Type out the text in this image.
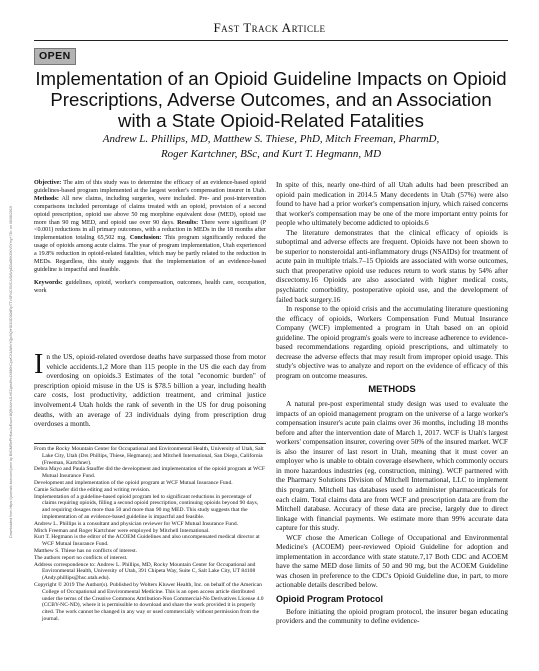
Fast Track Article
OPEN
Implementation of an Opioid Guideline Impacts on Opioid Prescriptions, Adverse Outcomes, and an Association with a State Opioid-Related Fatalities
Andrew L. Phillips, MD, Matthew S. Thiese, PhD, Mitch Freeman, PharmD,
Roger Kartchner, BSc, and Kurt T. Hegmann, MD
Downloaded from https://journals.lww.com/joem by BhDMf5ePHKav1zEoum1tQfN4a+kJLhEZgbsIHo4XMi0hCywCX1AWnYQp/IlQrHD3i3D0OdRyi7TvSFl4Cf3VC4/OAVpDDa8KKGKV0Ymy+78= on 08/08/2019

Objective: The aim of this study was to determine the efficacy of an evidence-based opioid guidelines-based program implemented at the largest worker's compensation insurer in Utah. Methods: All new claims, including surgeries, were included. Pre- and post-intervention comparisons included percentage of claims treated with an opioid, provision of a second opioid prescription, opioid use above 50 mg morphine equivalent dose (MED), opioid use more than 90 mg MED, and opioid use over 90 days. Results: There were significant (P <0.001) reductions in all primary outcomes, with a reduction in MEDs in the 18 months after implementation totaling 65,502 mg. Conclusion: This program significantly reduced the usage of opioids among acute claims. The year of program implementation, Utah experienced a 19.8% reduction in opioid-related fatalities, which may be partly related to the reduction in MEDs. Regardless, this study suggests that the implementation of an evidence-based guideline is impactful and feasible.

Keywords: guidelines, opioid, worker's compensation, outcomes, health care, occupation, work

I n the US, opioid-related overdose deaths have surpassed those from motor vehicle accidents.1,2 More than 115 people in the US die each day from overdosing on opioids.3 Estimates of the total "economic burden" of prescription opioid misuse in the US is $78.5 billion a year, including health care costs, lost productivity, addiction treatment, and criminal justice involvement.4 Utah holds the rank of seventh in the US for drug poisoning deaths, with an average of 23 individuals dying from prescription drug overdoses a month.

From the Rocky Mountain Center for Occupational and Environmental Health, University of Utah, Salt Lake City, Utah (Drs Phillips, Thiese, Hegmann); and Mitchell International, San Diego, California (Freeman, Kartchner).

Debra Mayo and Paula Stauffer did the development and implementation of the opioid program at WCF Mutual Insurance Fund.

Development and implementation of the opioid program at WCF Mutual Insurance Fund.

Camie Schaefer did the editing and writing revision.

Implementation of a guideline-based opioid program led to significant reductions in percentage of claims requiring opioids, filling a second opioid prescription, continuing opioids beyond 90 days, and requiring dosages more than 50 and more than 90 mg MED. This study suggests that the implementation of an evidence-based guideline is impactful and feasible.

Andrew L. Phillips is a consultant and physician reviewer for WCF Mutual Insurance Fund.

Mitch Freeman and Roger Kartchner were employed by Mitchell International.

Kurt T. Hegmann is the editor of the ACOEM Guidelines and also uncompensated medical director at WCF Mutual Insurance Fund.

Matthew S. Thiese has no conflicts of interest.

The authors report no conflicts of interest.

Address correspondence to: Andrew L. Phillips, MD, Rocky Mountain Center for Occupational and Environmental Health, University of Utah, 391 Chipeta Way, Suite C, Salt Lake City, UT 84108 (Andy.phillips@hsc.utah.edu).

Copyright © 2019 The Author(s). Published by Wolters Kluwer Health, Inc. on behalf of the American College of Occupational and Environmental Medicine. This is an open access article distributed under the terms of the Creative Commons Attribution-Non Commercial-No Derivatives License 4.0 (CCBY-NC-ND), where it is permissible to download and share the work provided it is properly cited. The work cannot be changed in any way or used commercially without permission from the journal.

In spite of this, nearly one-third of all Utah adults had been prescribed an opioid pain medication in 2014.5 Many decedents in Utah (57%) were also found to have had a prior worker's compensation injury, which raised concerns that worker's compensation may be one of the more important entry points for people who ultimately become addicted to opioids.6

The literature demonstrates that the clinical efficacy of opioids is suboptimal and adverse effects are frequent. Opioids have not been shown to be superior to nonsteroidal anti-inflammatory drugs (NSAIDs) for treatment of acute pain in multiple trials.7–15 Opioids are associated with worse outcomes, such that preoperative opioid use reduces return to work status by 54% after discectomy.16 Opioids are also associated with higher medical costs, psychiatric comorbidity, postoperative opioid use, and the development of failed back surgery.16

In response to the opioid crisis and the accumulating literature questioning the efficacy of opioids, Workers Compensation Fund Mutual Insurance Company (WCF) implemented a program in Utah based on an opioid guideline. The opioid program's goals were to increase adherence to evidence-based recommendations regarding opioid prescriptions, and ultimately to decrease the adverse effects that may result from improper opioid usage. This study's objective was to analyze and report on the evidence of efficacy of this program on outcome measures.

METHODS

A natural pre-post experimental study design was used to evaluate the impacts of an opioid management program on the universe of a large worker's compensation insurer's acute pain claims over 36 months, including 18 months before and after the intervention date of March 1, 2017. WCF is Utah's largest workers' compensation insurer, covering over 50% of the insured market. WCF is also the insurer of last resort in Utah, meaning that it must cover an employer who is unable to obtain coverage elsewhere, which commonly occurs in more hazardous industries (eg, construction, mining). WCF partnered with the Pharmacy Solutions Division of Mitchell International, LLC to implement this program. Mitchell has databases used to administer pharmaceuticals for each claim. Total claims data are from WCF and prescription data are from the Mitchell database. Accuracy of these data are precise, largely due to direct linkage with financial payments. We estimate more than 99% accurate data capture for this study.

WCF chose the American College of Occupational and Environmental Medicine's (ACOEM) peer-reviewed Opioid Guideline for adoption and implementation in accordance with state statute.7,17 Both CDC and ACOEM have the same MED dose limits of 50 and 90 mg, but the ACOEM Guideline was chosen in preference to the CDC's Opioid Guideline due, in part, to more actionable details described below.

Opioid Program Protocol

Before initiating the opioid program protocol, the insurer began educating providers and the community to define evidence-
